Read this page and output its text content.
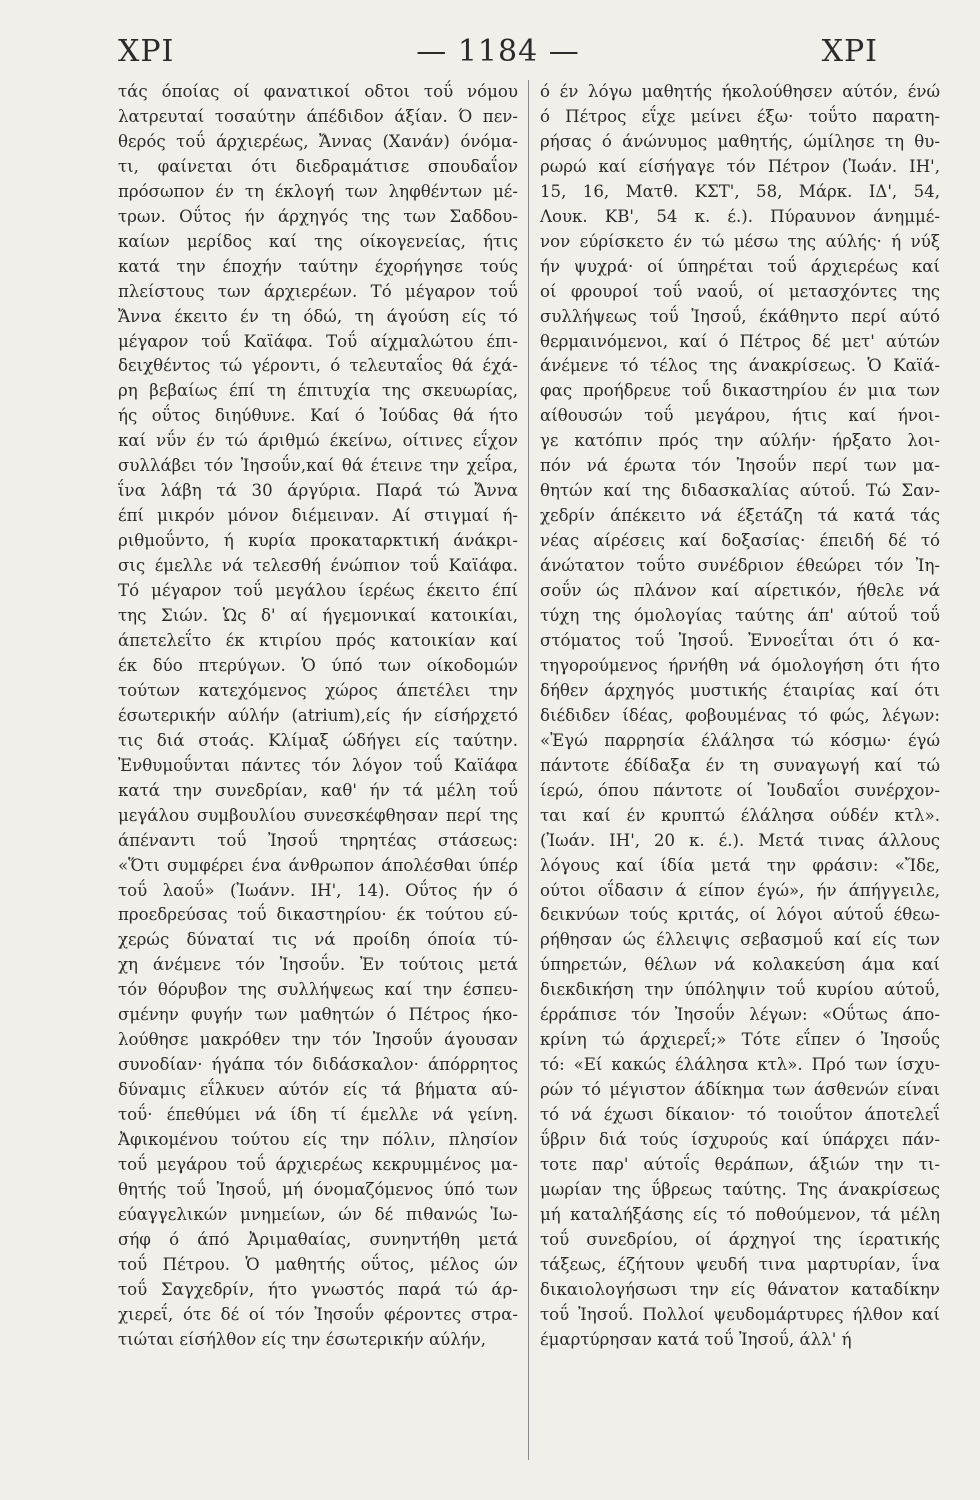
ΧΡΙ	— 1184 —	ΧΡΙ

τάς όποίας οί φανατικοί οδτοι τοΰ νόμου

λατρευταί τοσαύτην άπέδιδον άξίαν. Ό πεν-

θερός τοΰ άρχιερέως, Ἄννας (Χανάν) όνόμα-

τι, φαίνεται ότι διεδραμάτισε σπουδαΐον

πρόσωπον έν τη έκλογή των ληφθέντων μέ-

τρων. Οΰτος ήν άρχηγός της των Σαδδου-

καίων μερίδος καί της οίκογενείας, ήτις

κατά την έποχήν ταύτην έχορήγησε τούς

πλείστους των άρχιερέων. Τό μέγαρον τοΰ

Ἄννα έκειτο έν τη όδώ, τη άγούση είς τό

μέγαρον τοΰ Καϊάφα. Τοΰ αίχμαλώτου έπι-

δειχθέντος τώ γέροντι, ό τελευταΐος θά έχά-

ρη βεβαίως έπί τη έπιτυχία της σκευωρίας,

ής οΰτος διηύθυνε. Καί ό Ἰούδας θά ήτο

καί νΰν έν τώ άριθμώ έκείνω, οίτινες εΐχον

συλλάβει τόν Ἰησοΰν,καί θά έτεινε την χεΐρα,

ΐνα λάβη τά 30 άργύρια. Παρά τώ Ἄννα

έπί μικρόν μόνον διέμειναν. Αί στιγμαί ή-

ριθμοΰντο, ή κυρία προκαταρκτική άνάκρι-

σις έμελλε νά τελεσθή ένώπιον τοΰ Καϊάφα.

Τό μέγαρον τοΰ μεγάλου ίερέως έκειτο έπί

της Σιών. Ὡς δ' αί ήγεμονικαί κατοικίαι,

άπετελεΐτο έκ κτιρίου πρός κατοικίαν καί

έκ δύο πτερύγων. Ὁ ύπό των οίκοδομών

τούτων κατεχόμενος χώρος άπετέλει την

έσωτερικήν αύλήν (atrium),είς ήν είσήρχετό

τις διά στοάς. Κλίμαξ ώδήγει είς ταύτην.

Ἐνθυμοΰνται πάντες τόν λόγον τοΰ Καϊάφα

κατά την συνεδρίαν, καθ' ήν τά μέλη τοΰ

μεγάλου συμβουλίου συνεσκέφθησαν περί της

άπέναντι τοΰ Ἰησοΰ τηρητέας στάσεως:

«Ὅτι συμφέρει ένα άνθρωπον άπολέσθαι ύπέρ

τοΰ λαοΰ» (Ἰωάνν. ΙΗ', 14). Οΰτος ήν ό

προεδρεύσας τοΰ δικαστηρίου· έκ τούτου εύ-

χερώς δύναταί τις νά προίδη όποία τύ-

χη άνέμενε τόν Ἰησοΰν. Ἐν τούτοις μετά

τόν θόρυβον της συλλήψεως καί την έσπευ-

σμένην φυγήν των μαθητών ό Πέτρος ήκο-

λούθησε μακρόθεν την τόν Ἰησοΰν άγουσαν

συνοδίαν· ήγάπα τόν διδάσκαλον· άπόρρητος

δύναμις εΐλκυεν αύτόν είς τά βήματα αύ-

τοΰ· έπεθύμει νά ίδη τί έμελλε νά γείνη.

Ἀφικομένου τούτου είς την πόλιν, πλησίον

τοΰ μεγάρου τοΰ άρχιερέως κεκρυμμένος μα-

θητής τοΰ Ἰησοΰ, μή όνομαζόμενος ύπό των

εύαγγελικών μνημείων, ών δέ πιθανώς Ἰω-

σήφ ό άπό Ἀριμαθαίας, συνηντήθη μετά

τοΰ Πέτρου. Ὁ μαθητής οΰτος, μέλος ών

τοΰ Σαγχεδρίν, ήτο γνωστός παρά τώ άρ-

χιερεΐ, ότε δέ οί τόν Ἰησοΰν φέροντες στρα-

τιώται είσήλθον είς την έσωτερικήν αύλήν,

ό έν λόγω μαθητής ήκολούθησεν αύτόν, ένώ

ό Πέτρος εΐχε μείνει έξω· τοΰτο παρατη-

ρήσας ό άνώνυμος μαθητής, ώμίλησε τη θυ-

ρωρώ καί είσήγαγε τόν Πέτρον (Ἰωάν. ΙΗ',

15, 16, Ματθ. ΚΣΤ', 58, Μάρκ. ΙΔ', 54,

Λουκ. ΚΒ', 54 κ. έ.). Πύραυνον άνημμέ-

νον εύρίσκετο έν τώ μέσω της αύλής· ή νύξ

ήν ψυχρά· οί ύπηρέται τοΰ άρχιερέως καί

οί φρουροί τοΰ ναοΰ, οί μετασχόντες της

συλλήψεως τοΰ Ἰησοΰ, έκάθηντο περί αύτό

θερμαινόμενοι, καί ό Πέτρος δέ μετ' αύτών

άνέμενε τό τέλος της άνακρίσεως. Ὁ Καϊά-

φας προήδρευε τοΰ δικαστηρίου έν μια των

αίθουσών τοΰ μεγάρου, ήτις καί ήνοι-

γε κατόπιν πρός την αύλήν· ήρξατο λοι-

πόν νά έρωτα τόν Ἰησοΰν περί των μα-

θητών καί της διδασκαλίας αύτοΰ. Τώ Σαν-

χεδρίν άπέκειτο νά έξετάζη τά κατά τάς

νέας αίρέσεις καί δοξασίας· έπειδή δέ τό

άνώτατον τοΰτο συνέδριον έθεώρει τόν Ἰη-

σοΰν ώς πλάνον καί αίρετικόν, ήθελε νά

τύχη της όμολογίας ταύτης άπ' αύτοΰ τοΰ

στόματος τοΰ Ἰησοΰ. Ἐννοεΐται ότι ό κα-

τηγορούμενος ήρνήθη νά όμολογήση ότι ήτο

δήθεν άρχηγός μυστικής έταιρίας καί ότι

διέδιδεν ίδέας, φοβουμένας τό φώς, λέγων:

«Ἐγώ παρρησία έλάλησα τώ κόσμω· έγώ

πάντοτε έδίδαξα έν τη συναγωγή καί τώ

ίερώ, όπου πάντοτε οί Ἰουδαΐοι συνέρχον-

ται καί έν κρυπτώ έλάλησα ούδέν κτλ».

(Ἰωάν. ΙΗ', 20 κ. έ.). Μετά τινας άλλους

λόγους καί ίδία μετά την φράσιν: «Ἴδε,

ούτοι οΐδασιν ά είπον έγώ», ήν άπήγγειλε,

δεικνύων τούς κριτάς, οί λόγοι αύτοΰ έθεω-

ρήθησαν ώς έλλειψις σεβασμοΰ καί είς των

ύπηρετών, θέλων νά κολακεύση άμα καί

διεκδικήση την ύπόληψιν τοΰ κυρίου αύτοΰ,

έρράπισε τόν Ἰησοΰν λέγων: «Οΰτως άπο-

κρίνη τώ άρχιερεΐ;» Τότε εΐπεν ό Ἰησοΰς

τό: «Εί κακώς έλάλησα κτλ». Πρό των ίσχυ-

ρών τό μέγιστον άδίκημα των άσθενών είναι

τό νά έχωσι δίκαιον· τό τοιοΰτον άποτελεΐ

ΰβριν διά τούς ίσχυρούς καί ύπάρχει πάν-

τοτε παρ' αύτοΐς θεράπων, άξιών την τι-

μωρίαν της ΰβρεως ταύτης. Της άνακρίσεως

μή καταλήξάσης είς τό ποθούμενον, τά μέλη

τοΰ συνεδρίου, οί άρχηγοί της ίερατικής

τάξεως, έζήτουν ψευδή τινα μαρτυρίαν, ΐνα

δικαιολογήσωσι την είς θάνατον καταδίκην

τοΰ Ἰησοΰ. Πολλοί ψευδομάρτυρες ήλθον καί

έμαρτύρησαν κατά τοΰ Ἰησοΰ, άλλ' ή
